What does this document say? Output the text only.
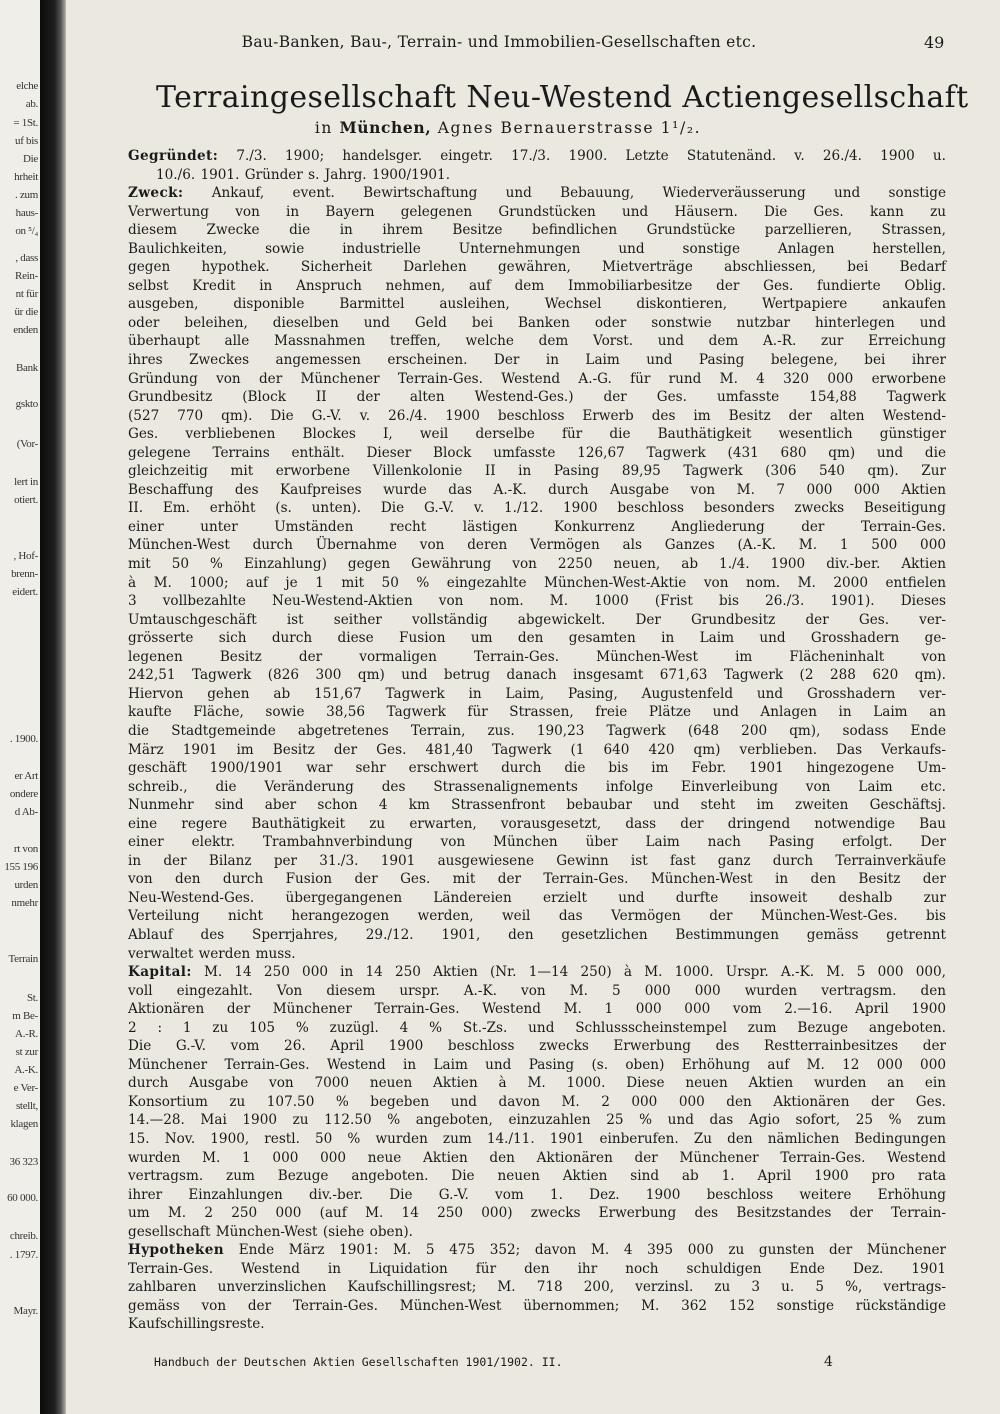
elche
ab.
= 1St.
uf bis
Die
hrheit
. zum
haus-
on ⁵/₄
, dass
Rein-
nt für
ür die
enden
Bank
gskto
(Vor-
lert in
otiert.
, Hof-
brenn-
eidert.
. 1900.
er Art
ondere
d Ab-
rt von
155 196
urden
nmehr
Terrain
St.
m Be-
A.-R.
st zur
A.-K.
e Ver-
stellt,
klagen
36 323
60 000.
chreib.
. 1797.
Mayr.
Bau-Banken, Bau-, Terrain- und Immobilien-Gesellschaften etc.	49
Terraingesellschaft Neu-Westend Actiengesellschaft
in München, Agnes Bernauerstrasse 1¹/₂.
Gegründet: 7./3. 1900; handelsger. eingetr. 17./3. 1900. Letzte Statutenänd. v. 26./4. 1900 u.
10./6. 1901. Gründer s. Jahrg. 1900/1901.
Zweck: Ankauf, event. Bewirtschaftung und Bebauung, Wiederveräusserung und sonstige
Verwertung von in Bayern gelegenen Grundstücken und Häusern. Die Ges. kann zu
diesem Zwecke die in ihrem Besitze befindlichen Grundstücke parzellieren, Strassen,
Baulichkeiten, sowie industrielle Unternehmungen und sonstige Anlagen herstellen,
gegen hypothek. Sicherheit Darlehen gewähren, Mietverträge abschliessen, bei Bedarf
selbst Kredit in Anspruch nehmen, auf dem Immobiliarbesitze der Ges. fundierte Oblig.
ausgeben, disponible Barmittel ausleihen, Wechsel diskontieren, Wertpapiere ankaufen
oder beleihen, dieselben und Geld bei Banken oder sonstwie nutzbar hinterlegen und
überhaupt alle Massnahmen treffen, welche dem Vorst. und dem A.-R. zur Erreichung
ihres Zweckes angemessen erscheinen. Der in Laim und Pasing belegene, bei ihrer
Gründung von der Münchener Terrain-Ges. Westend A.-G. für rund M. 4 320 000 erworbene
Grundbesitz (Block II der alten Westend-Ges.) der Ges. umfasste 154,88 Tagwerk
(527 770 qm). Die G.-V. v. 26./4. 1900 beschloss Erwerb des im Besitz der alten Westend-
Ges. verbliebenen Blockes I, weil derselbe für die Bauthätigkeit wesentlich günstiger
gelegene Terrains enthält. Dieser Block umfasste 126,67 Tagwerk (431 680 qm) und die
gleichzeitig mit erworbene Villenkolonie II in Pasing 89,95 Tagwerk (306 540 qm). Zur
Beschaffung des Kaufpreises wurde das A.-K. durch Ausgabe von M. 7 000 000 Aktien
II. Em. erhöht (s. unten). Die G.-V. v. 1./12. 1900 beschloss besonders zwecks Beseitigung
einer unter Umständen recht lästigen Konkurrenz Angliederung der Terrain-Ges.
München-West durch Übernahme von deren Vermögen als Ganzes (A.-K. M. 1 500 000
mit 50 % Einzahlung) gegen Gewährung von 2250 neuen, ab 1./4. 1900 div.-ber. Aktien
à M. 1000; auf je 1 mit 50 % eingezahlte München-West-Aktie von nom. M. 2000 entfielen
3 vollbezahlte Neu-Westend-Aktien von nom. M. 1000 (Frist bis 26./3. 1901). Dieses
Umtauschgeschäft ist seither vollständig abgewickelt. Der Grundbesitz der Ges. ver-
grösserte sich durch diese Fusion um den gesamten in Laim und Grosshadern ge-
legenen Besitz der vormaligen Terrain-Ges. München-West im Flächeninhalt von
242,51 Tagwerk (826 300 qm) und betrug danach insgesamt 671,63 Tagwerk (2 288 620 qm).
Hiervon gehen ab 151,67 Tagwerk in Laim, Pasing, Augustenfeld und Grosshadern ver-
kaufte Fläche, sowie 38,56 Tagwerk für Strassen, freie Plätze und Anlagen in Laim an
die Stadtgemeinde abgetretenes Terrain, zus. 190,23 Tagwerk (648 200 qm), sodass Ende
März 1901 im Besitz der Ges. 481,40 Tagwerk (1 640 420 qm) verblieben. Das Verkaufs-
geschäft 1900/1901 war sehr erschwert durch die bis im Febr. 1901 hingezogene Um-
schreib., die Veränderung des Strassenalignements infolge Einverleibung von Laim etc.
Nunmehr sind aber schon 4 km Strassenfront bebaubar und steht im zweiten Geschäftsj.
eine regere Bauthätigkeit zu erwarten, vorausgesetzt, dass der dringend notwendige Bau
einer elektr. Trambahnverbindung von München über Laim nach Pasing erfolgt. Der
in der Bilanz per 31./3. 1901 ausgewiesene Gewinn ist fast ganz durch Terrainverkäufe
von den durch Fusion der Ges. mit der Terrain-Ges. München-West in den Besitz der
Neu-Westend-Ges. übergegangenen Ländereien erzielt und durfte insoweit deshalb zur
Verteilung nicht herangezogen werden, weil das Vermögen der München-West-Ges. bis
Ablauf des Sperrjahres, 29./12. 1901, den gesetzlichen Bestimmungen gemäss getrennt
verwaltet werden muss.
Kapital: M. 14 250 000 in 14 250 Aktien (Nr. 1—14 250) à M. 1000. Urspr. A.-K. M. 5 000 000,
voll eingezahlt. Von diesem urspr. A.-K. von M. 5 000 000 wurden vertragsm. den
Aktionären der Münchener Terrain-Ges. Westend M. 1 000 000 vom 2.—16. April 1900
2 : 1 zu 105 % zuzügl. 4 % St.-Zs. und Schlussscheinstempel zum Bezuge angeboten.
Die G.-V. vom 26. April 1900 beschloss zwecks Erwerbung des Restterrainbesitzes der
Münchener Terrain-Ges. Westend in Laim und Pasing (s. oben) Erhöhung auf M. 12 000 000
durch Ausgabe von 7000 neuen Aktien à M. 1000. Diese neuen Aktien wurden an ein
Konsortium zu 107.50 % begeben und davon M. 2 000 000 den Aktionären der Ges.
14.—28. Mai 1900 zu 112.50 % angeboten, einzuzahlen 25 % und das Agio sofort, 25 % zum
15. Nov. 1900, restl. 50 % wurden zum 14./11. 1901 einberufen. Zu den nämlichen Bedingungen
wurden M. 1 000 000 neue Aktien den Aktionären der Münchener Terrain-Ges. Westend
vertragsm. zum Bezuge angeboten. Die neuen Aktien sind ab 1. April 1900 pro rata
ihrer Einzahlungen div.-ber. Die G.-V. vom 1. Dez. 1900 beschloss weitere Erhöhung
um M. 2 250 000 (auf M. 14 250 000) zwecks Erwerbung des Besitzstandes der Terrain-
gesellschaft München-West (siehe oben).
Hypotheken Ende März 1901: M. 5 475 352; davon M. 4 395 000 zu gunsten der Münchener
Terrain-Ges. Westend in Liquidation für den ihr noch schuldigen Ende Dez. 1901
zahlbaren unverzinslichen Kaufschillingsrest; M. 718 200, verzinsl. zu 3 u. 5 %, vertrags-
gemäss von der Terrain-Ges. München-West übernommen; M. 362 152 sonstige rückständige
Kaufschillingsreste.
Handbuch der Deutschen Aktien Gesellschaften 1901/1902. II.	4
